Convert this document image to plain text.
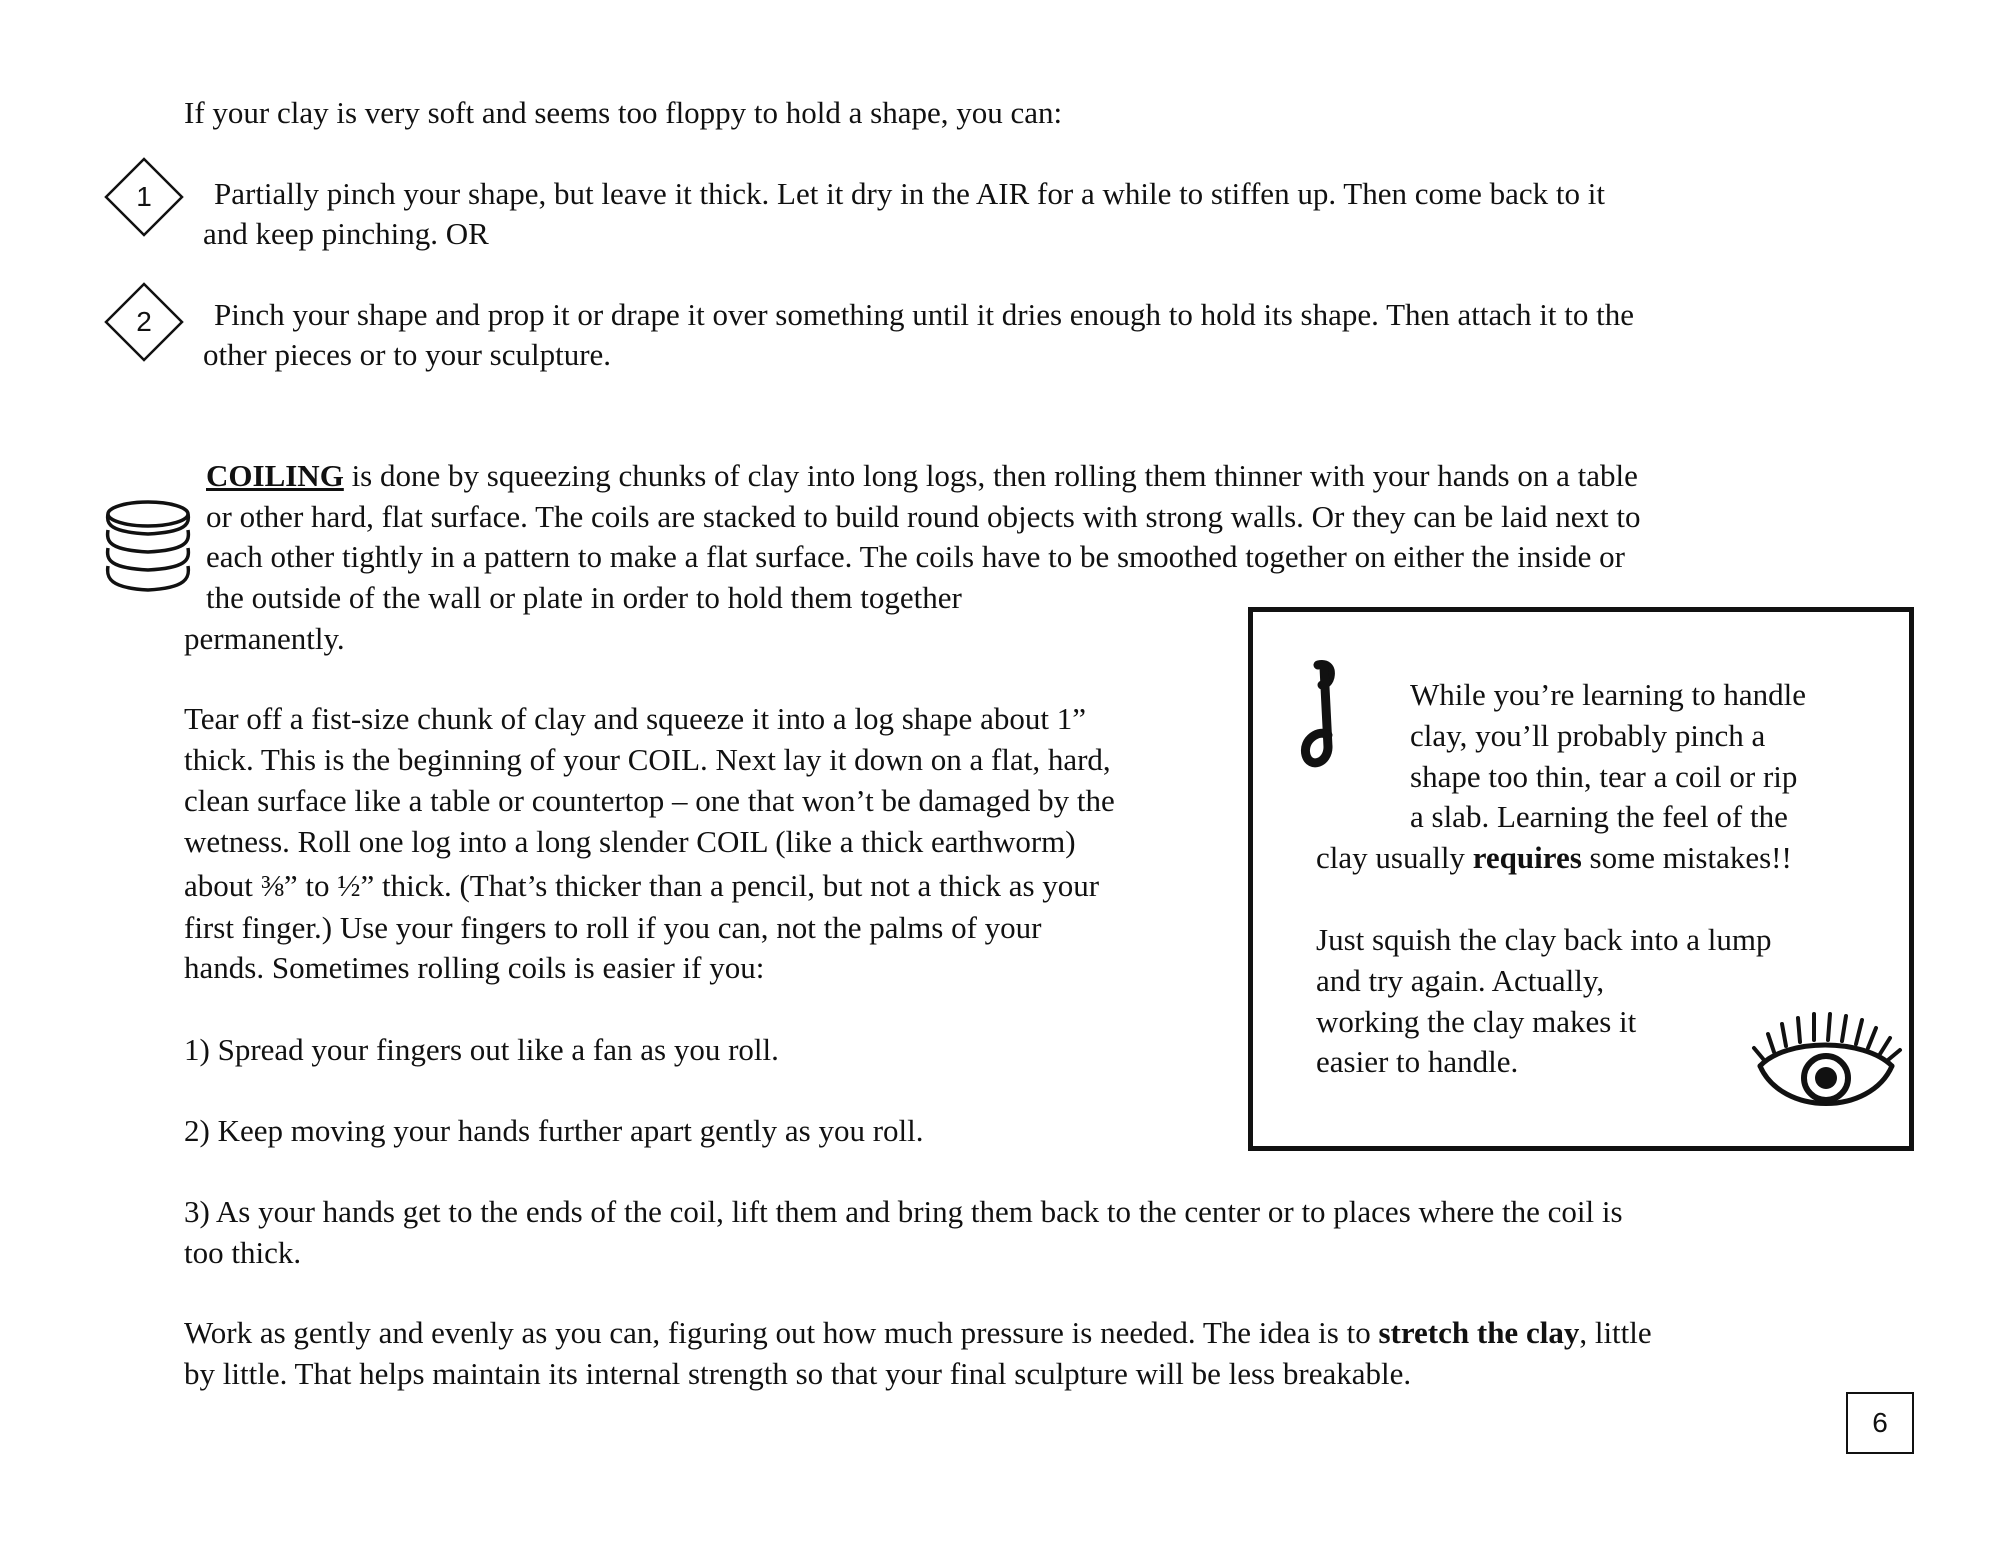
If your clay is very soft and seems too floppy to hold a shape, you can:
1	Partially pinch your shape, but leave it thick. Let it dry in the AIR for a while to stiffen up. Then come back to it
and keep pinching. OR
2	Pinch your shape and prop it or drape it over something until it dries enough to hold its shape. Then attach it to the
other pieces or to your sculpture.
COILING is done by squeezing chunks of clay into long logs, then rolling them thinner with your hands on a table
or other hard, flat surface. The coils are stacked to build round objects with strong walls. Or they can be laid next to
each other tightly in a pattern to make a flat surface. The coils have to be smoothed together on either the inside or
the outside of the wall or plate in order to hold them together
permanently.
Tear off a fist-size chunk of clay and squeeze it into a log shape about 1”
thick. This is the beginning of your COIL. Next lay it down on a flat, hard,
clean surface like a table or countertop – one that won’t be damaged by the
wetness. Roll one log into a long slender COIL (like a thick earthworm)
about ⅜” to ½” thick. (That’s thicker than a pencil, but not a thick as your
first finger.) Use your fingers to roll if you can, not the palms of your
hands. Sometimes rolling coils is easier if you:
1) Spread your fingers out like a fan as you roll.
2) Keep moving your hands further apart gently as you roll.
3) As your hands get to the ends of the coil, lift them and bring them back to the center or to places where the coil is
too thick.
Work as gently and evenly as you can, figuring out how much pressure is needed. The idea is to stretch the clay, little
by little. That helps maintain its internal strength so that your final sculpture will be less breakable.
While you’re learning to handle
clay, you’ll probably pinch a
shape too thin, tear a coil or rip
a slab. Learning the feel of the
clay usually requires some mistakes!!
Just squish the clay back into a lump
and try again. Actually,
working the clay makes it
easier to handle.
6
